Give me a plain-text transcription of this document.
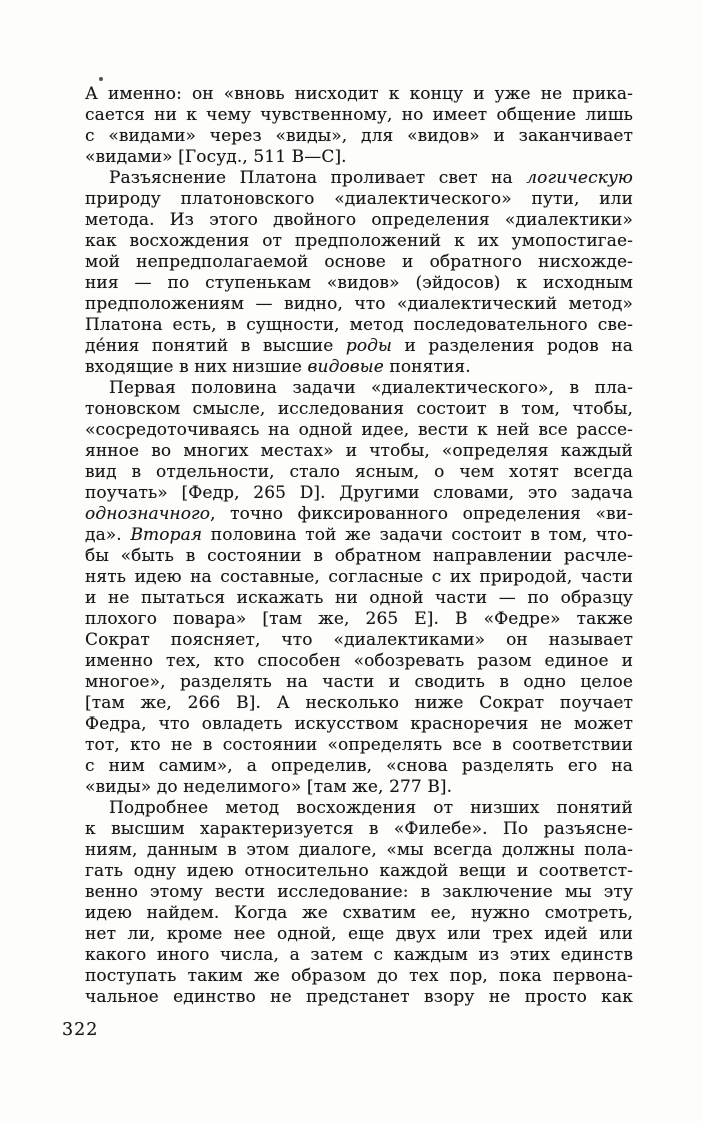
А именно: он «вновь нисходит к концу и уже не прика-
сается ни к чему чувственному, но имеет общение лишь
с «видами» через «виды», для «видов» и заканчивает
«видами» [Госуд., 511 В—С].
Разъяснение Платона проливает свет на логическую
природу платоновского «диалектического» пути, или
метода. Из этого двойного определения «диалектики»
как восхождения от предположений к их умопостигае-
мой непредполагаемой основе и обратного нисхожде-
ния — по ступенькам «видов» (эйдосов) к исходным
предположениям — видно, что «диалектический метод»
Платона есть, в сущности, метод последовательного све-
де́ния понятий в высшие роды и разделения родов на
входящие в них низшие видовые понятия.
Первая половина задачи «диалектического», в пла-
тоновском смысле, исследования состоит в том, чтобы,
«сосредоточиваясь на одной идее, вести к ней все рассе-
янное во многих местах» и чтобы, «определяя каждый
вид в отдельности, стало ясным, о чем хотят всегда
поучать» [Федр, 265 D]. Другими словами, это задача
однозначного, точно фиксированного определения «ви-
да». Вторая половина той же задачи состоит в том, что-
бы «быть в состоянии в обратном направлении расчле-
нять идею на составные, согласные с их природой, части
и не пытаться искажать ни одной части — по образцу
плохого повара» [там же, 265 Е]. В «Федре» также
Сократ поясняет, что «диалектиками» он называет
именно тех, кто способен «обозревать разом единое и
многое», разделять на части и сводить в одно целое
[там же, 266 В]. А несколько ниже Сократ поучает
Федра, что овладеть искусством красноречия не может
тот, кто не в состоянии «определять все в соответствии
с ним самим», а определив, «снова разделять его на
«виды» до неделимого» [там же, 277 В].
Подробнее метод восхождения от низших понятий
к высшим характеризуется в «Филебе». По разъясне-
ниям, данным в этом диалоге, «мы всегда должны пола-
гать одну идею относительно каждой вещи и соответст-
венно этому вести исследование: в заключение мы эту
идею найдем. Когда же схватим ее, нужно смотреть,
нет ли, кроме нее одной, еще двух или трех идей или
какого иного числа, а затем с каждым из этих единств
поступать таким же образом до тех пор, пока первона-
чальное единство не предстанет взору не просто как
322
